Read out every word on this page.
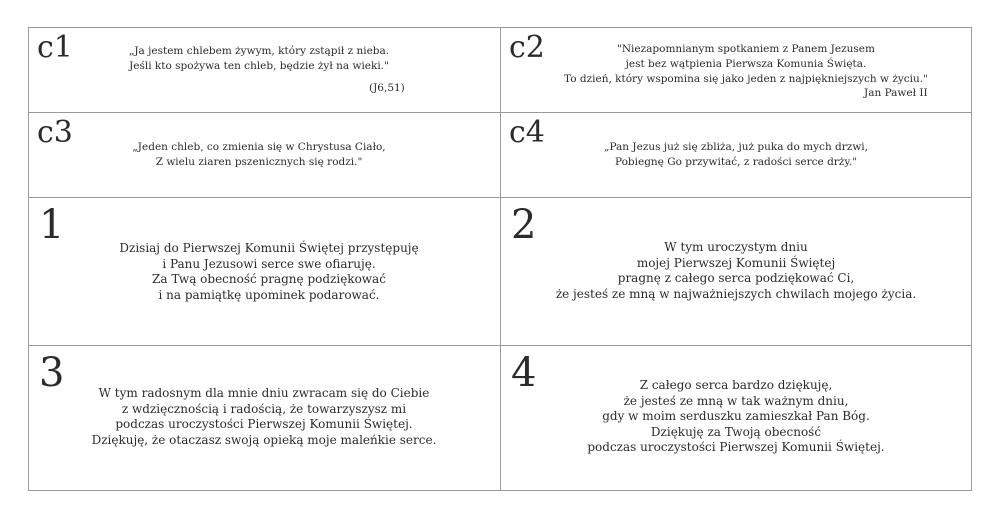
c1	„Ja jestem chlebem żywym, który zstąpił z nieba.
Jeśli kto spożywa ten chleb, będzie żył na wieki."
(J6,51)
c2	"Niezapomnianym spotkaniem z Panem Jezusem
jest bez wątpienia Pierwsza Komunia Święta.
To dzień, który wspomina się jako jeden z najpiękniejszych w życiu."
Jan Paweł II
c3	„Jeden chleb, co zmienia się w Chrystusa Ciało,
Z wielu ziaren pszenicznych się rodzi."
c4	„Pan Jezus już się zbliża, już puka do mych drzwi,
Pobiegnę Go przywitać, z radości serce drży."
1	Dzisiaj do Pierwszej Komunii Świętej przystępuję
i Panu Jezusowi serce swe ofiaruję.
Za Twą obecność pragnę podziękować
i na pamiątkę upominek podarować.
2	W tym uroczystym dniu
mojej Pierwszej Komunii Świętej
pragnę z całego serca podziękować Ci,
że jesteś ze mną w najważniejszych chwilach mojego życia.
3	W tym radosnym dla mnie dniu zwracam się do Ciebie
z wdzięcznością i radością, że towarzyszysz mi
podczas uroczystości Pierwszej Komunii Świętej.
Dziękuję, że otaczasz swoją opieką moje maleńkie serce.
4	Z całego serca bardzo dziękuję,
że jesteś ze mną w tak ważnym dniu,
gdy w moim serduszku zamieszkał Pan Bóg.
Dziękuję za Twoją obecność
podczas uroczystości Pierwszej Komunii Świętej.
